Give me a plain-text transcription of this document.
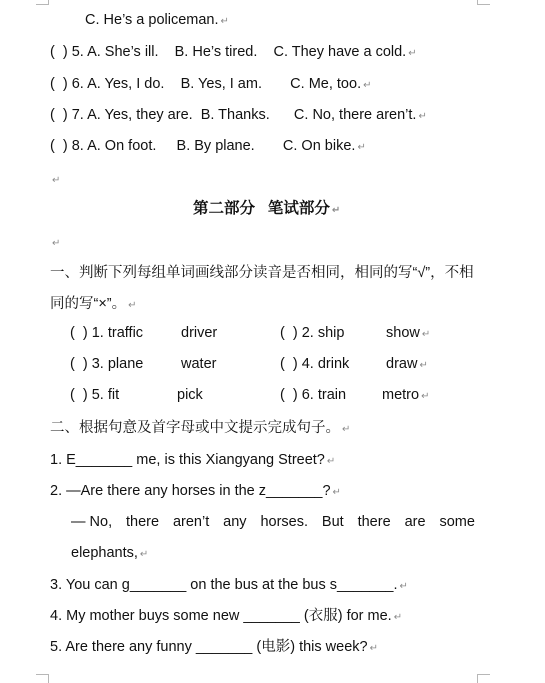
C. He’s a policeman. ↵
(  ) 5. A. She’s ill.    B. He’s tired.    C. They have a cold. ↵
(  ) 6. A. Yes, I do.    B. Yes, I am.       C. Me, too. ↵
(  ) 7. A. Yes, they are.  B. Thanks.      C. No, there aren’t. ↵
(  ) 8. A. On foot.     B. By plane.       C. On bike. ↵
↵
第二部分   笔试部分 ↵
↵
一、判断下列每组单词画线部分读音是否相同，相同的写“√”，不相
同的写“×”。 ↵
(  ) 1. traffic	driver	(  ) 2. ship	show ↵
(  ) 3. plane	water	(  ) 4. drink	draw ↵
(  ) 5. fit	pick	(  ) 6. train metro ↵
二、根据句意及首字母或中文提示完成句子。 ↵
1. E_______ me, is this Xiangyang Street? ↵
2. —Are there any horses in the z_______? ↵
— No, there aren’t any horses. But there are some
elephants, ↵
3. You can g_______ on the bus at the bus s_______. ↵
4. My mother buys some new _______ (衣服) for me. ↵
5. Are there any funny _______ (电影) this week? ↵
